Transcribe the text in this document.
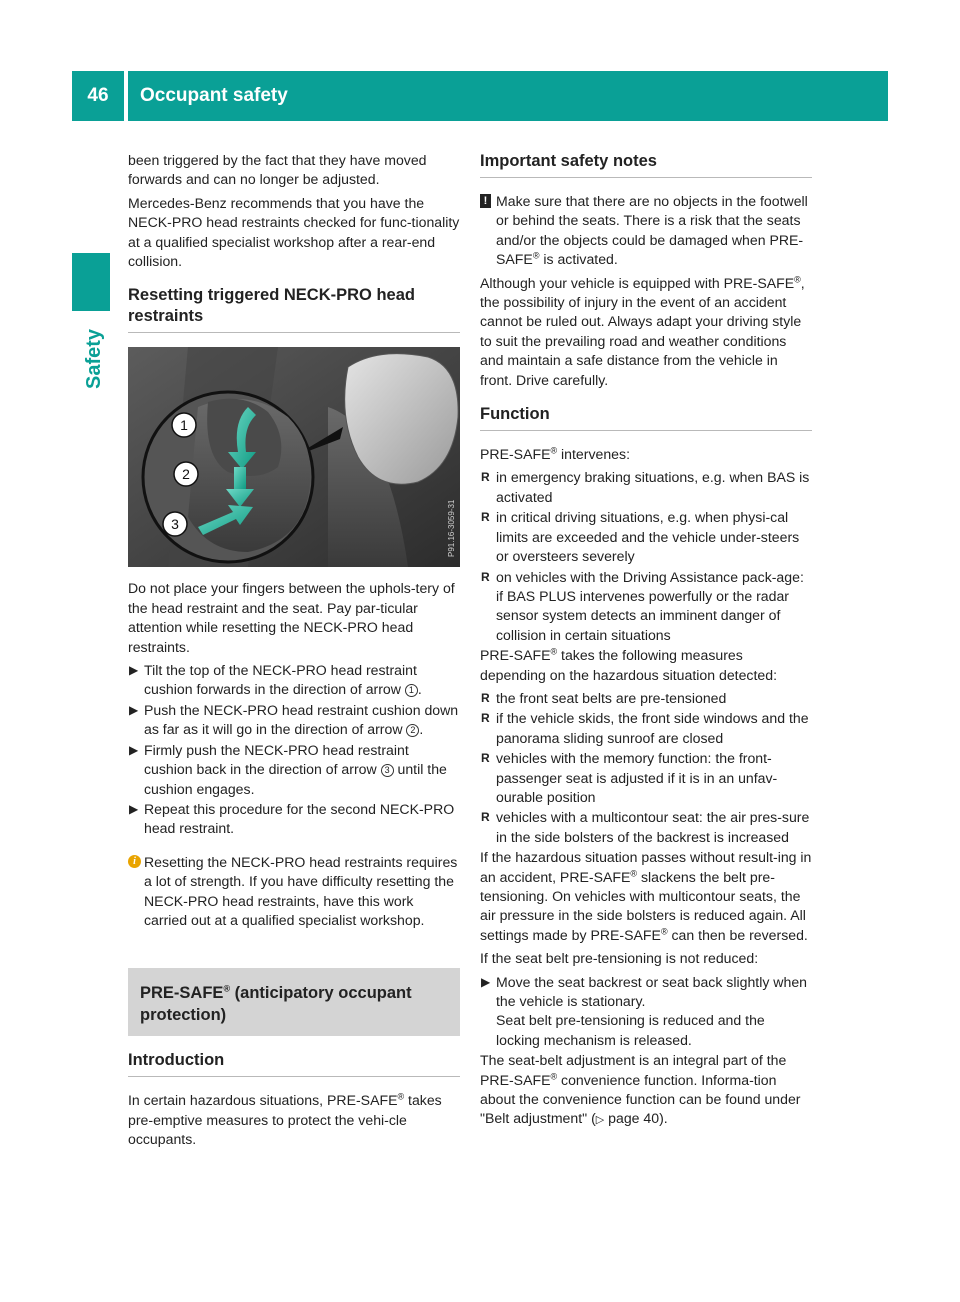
46	Occupant safety
Safety

been triggered by the fact that they have moved forwards and can no longer be adjusted.

Mercedes-Benz recommends that you have the NECK-PRO head restraints checked for func-tionality at a qualified specialist workshop after a rear-end collision.

Resetting triggered NECK-PRO head restraints
1
2
3	P91.16-3059-31

Do not place your fingers between the uphols-tery of the head restraint and the seat. Pay par-ticular attention while resetting the NECK-PRO head restraints.

▶ Tilt the top of the NECK-PRO head restraint cushion forwards in the direction of arrow 1 .
▶ Push the NECK-PRO head restraint cushion down as far as it will go in the direction of arrow 2 .
▶ Firmly push the NECK-PRO head restraint cushion back in the direction of arrow 3 until the cushion engages.
▶ Repeat this procedure for the second NECK-PRO head restraint.
i Resetting the NECK-PRO head restraints requires a lot of strength. If you have difficulty resetting the NECK-PRO head restraints, have this work carried out at a qualified specialist workshop.
PRE-SAFE® (anticipatory occupant protection)
Introduction

In certain hazardous situations, PRE-SAFE® takes pre-emptive measures to protect the vehi-cle occupants.

Important safety notes
! Make sure that there are no objects in the footwell or behind the seats. There is a risk that the seats and/or the objects could be damaged when PRE-SAFE® is activated.

Although your vehicle is equipped with PRE-SAFE®, the possibility of injury in the event of an accident cannot be ruled out. Always adapt your driving style to suit the prevailing road and weather conditions and maintain a safe distance from the vehicle in front. Drive carefully.

Function

PRE-SAFE® intervenes:

R in emergency braking situations, e.g. when BAS is activated
R in critical driving situations, e.g. when physi-cal limits are exceeded and the vehicle under-steers or oversteers severely
R on vehicles with the Driving Assistance pack-age: if BAS PLUS intervenes powerfully or the radar sensor system detects an imminent danger of collision in certain situations

PRE-SAFE® takes the following measures depending on the hazardous situation detected:

R the front seat belts are pre-tensioned
R if the vehicle skids, the front side windows and the panorama sliding sunroof are closed
R vehicles with the memory function: the front-passenger seat is adjusted if it is in an unfav-ourable position
R vehicles with a multicontour seat: the air pres-sure in the side bolsters of the backrest is increased

If the hazardous situation passes without result-ing in an accident, PRE-SAFE® slackens the belt pre-tensioning. On vehicles with multicontour seats, the air pressure in the side bolsters is reduced again. All settings made by PRE-SAFE® can then be reversed.

If the seat belt pre-tensioning is not reduced:

▶ Move the seat backrest or seat back slightly when the vehicle is stationary.
Seat belt pre-tensioning is reduced and the locking mechanism is released.

The seat-belt adjustment is an integral part of the PRE-SAFE® convenience function. Informa-tion about the convenience function can be found under "Belt adjustment" (▷ page 40).
